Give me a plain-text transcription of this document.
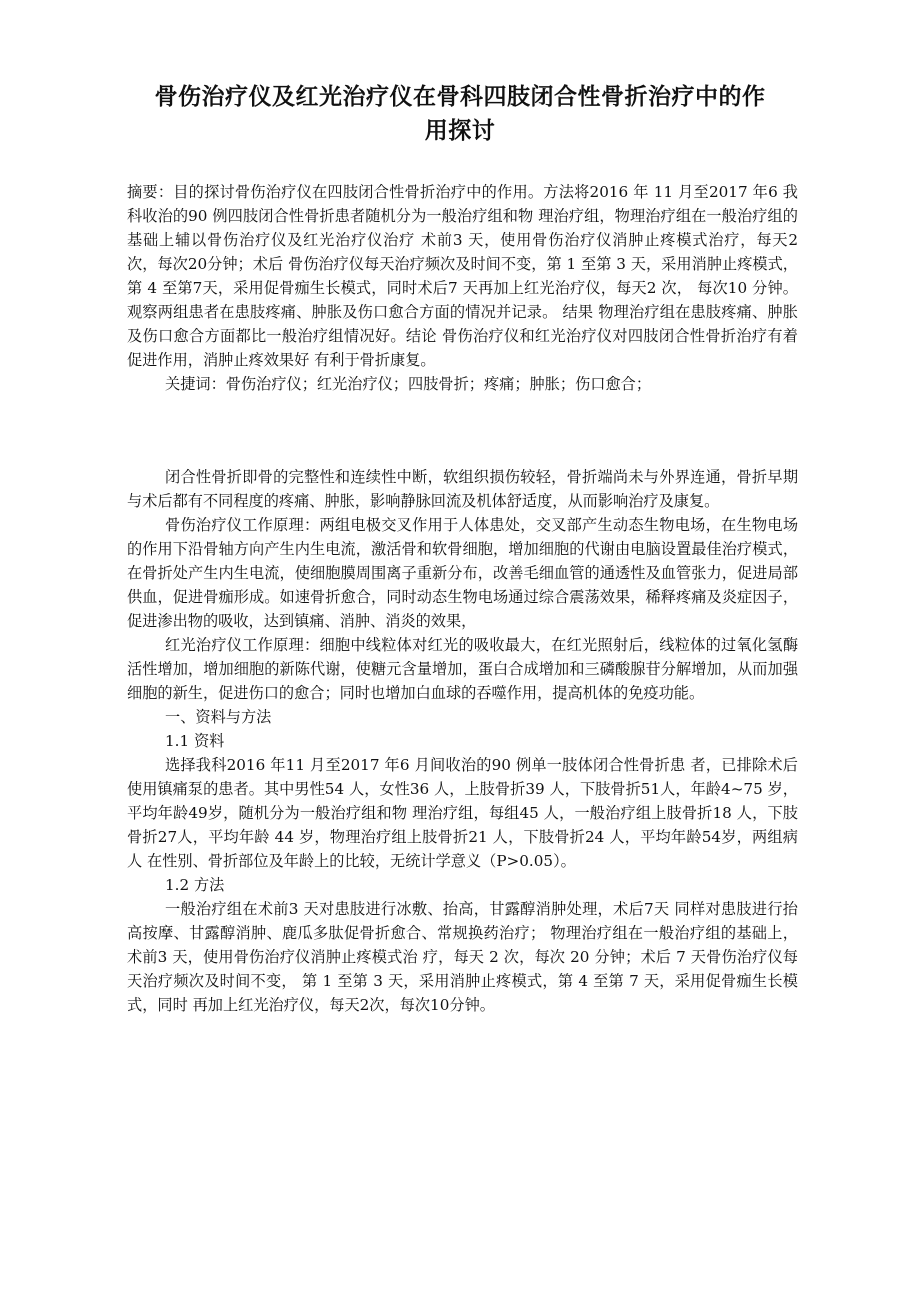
骨伤治疗仪及红光治疗仪在骨科四肢闭合性骨折治疗中的作
用探讨

摘要：目的探讨骨伤治疗仪在四肢闭合性骨折治疗中的作用。方法将2016 年 11 月至2017 年6 我科收治的90 例四肢闭合性骨折患者随机分为一般治疗组和物 理治疗组，物理治疗组在一般治疗组的基础上辅以骨伤治疗仪及红光治疗仪治疗 术前3 天，使用骨伤治疗仪消肿止疼模式治疗，每天2 次，每次20分钟；术后 骨伤治疗仪每天治疗频次及时间不变，第 1 至第 3 天，采用消肿止疼模式，第 4 至第7天，采用促骨痂生长模式，同时术后7 天再加上红光治疗仪，每天2 次， 每次10 分钟。观察两组患者在患肢疼痛、肿胀及伤口愈合方面的情况并记录。 结果 物理治疗组在患肢疼痛、肿胀及伤口愈合方面都比一般治疗组情况好。结论 骨伤治疗仪和红光治疗仪对四肢闭合性骨折治疗有着促进作用，消肿止疼效果好 有利于骨折康复。

关捷词：骨伤治疗仪；红光治疗仪；四肢骨折；疼痛；肿胀；伤口愈合；

闭合性骨折即骨的完整性和连续性中断，软组织损伤较轻，骨折端尚未与外界连通，骨折早期与术后都有不同程度的疼痛、肿胀，影响静脉回流及机体舒适度，从而影响治疗及康复。

骨伤治疗仪工作原理：两组电极交叉作用于人体患处，交叉部产生动态生物电场，在生物电场的作用下沿骨轴方向产生内生电流，激活骨和软骨细胞，增加细胞的代谢由电脑设置最佳治疗模式，在骨折处产生内生电流，使细胞膜周围离子重新分布，改善毛细血管的通透性及血管张力，促进局部供血，促进骨痂形成。如速骨折愈合，同时动态生物电场通过综合震荡效果，稀释疼痛及炎症因子，促进渗出物的吸收，达到镇痛、消肿、消炎的效果，

红光治疗仪工作原理：细胞中线粒体对红光的吸收最大，在红光照射后，线粒体的过氧化氢酶活性增加，增加细胞的新陈代谢，使糖元含量增加，蛋白合成增加和三磷酸腺苷分解增加，从而加强细胞的新生，促进伤口的愈合；同时也增加白血球的吞噬作用，提高机体的免疫功能。

一、资料与方法

1.1 资料

选择我科2016 年11 月至2017 年6 月间收治的90 例单一肢体闭合性骨折患 者，已排除术后使用镇痛泵的患者。其中男性54 人，女性36 人，上肢骨折39 人，下肢骨折51人，年龄4~75 岁，平均年龄49岁，随机分为一般治疗组和物 理治疗组，每组45 人，一般治疗组上肢骨折18 人，下肢骨折27人，平均年龄 44 岁，物理治疗组上肢骨折21 人，下肢骨折24 人，平均年龄54岁，两组病人 在性别、骨折部位及年龄上的比较，无统计学意义（P>0.05）。

1.2 方法

一般治疗组在术前3 天对患肢进行冰敷、抬高，甘露醇消肿处理，术后7天 同样对患肢进行抬高按摩、甘露醇消肿、鹿瓜多肽促骨折愈合、常规换药治疗； 物理治疗组在一般治疗组的基础上，术前3 天，使用骨伤治疗仪消肿止疼模式治 疗，每天 2 次，每次 20 分钟；术后 7 天骨伤治疗仪每天治疗频次及时间不变， 第 1 至第 3 天，采用消肿止疼模式，第 4 至第 7 天，采用促骨痂生长模式，同时 再加上红光治疗仪，每天2次，每次10分钟。
